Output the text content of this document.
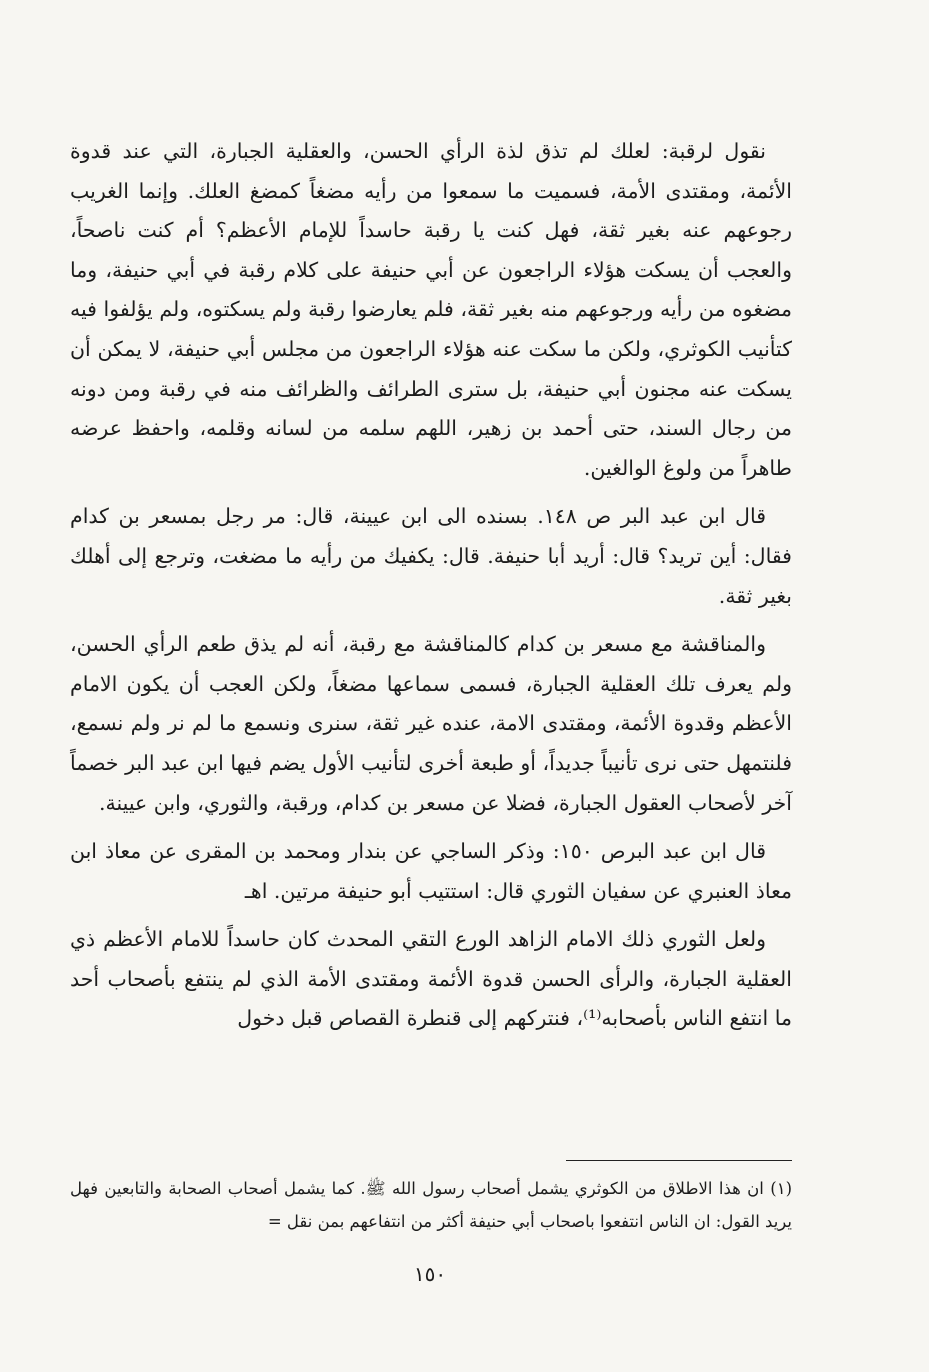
نقول لرقبة: لعلك لم تذق لذة الرأي الحسن، والعقلية الجبارة، التي عند قدوة الأئمة، ومقتدى الأمة، فسميت ما سمعوا من رأيه مضغاً كمضغ العلك. وإنما الغريب رجوعهم عنه بغير ثقة، فهل كنت يا رقبة حاسداً للإمام الأعظم؟ أم كنت ناصحاً، والعجب أن يسكت هؤلاء الراجعون عن أبي حنيفة على كلام رقبة في أبي حنيفة، وما مضغوه من رأيه ورجوعهم منه بغير ثقة، فلم يعارضوا رقبة ولم يسكتوه، ولم يؤلفوا فيه كتأنيب الكوثري، ولكن ما سكت عنه هؤلاء الراجعون من مجلس أبي حنيفة، لا يمكن أن يسكت عنه مجنون أبي حنيفة، بل سترى الطرائف والظرائف منه في رقبة ومن دونه من رجال السند، حتى أحمد بن زهير، اللهم سلمه من لسانه وقلمه، واحفظ عرضه طاهراً من ولوغ الوالغين.

قال ابن عبد البر ص ١٤٨. بسنده الى ابن عيينة، قال: مر رجل بمسعر بن كدام فقال: أين تريد؟ قال: أريد أبا حنيفة. قال: يكفيك من رأيه ما مضغت، وترجع إلى أهلك بغير ثقة.

والمناقشة مع مسعر بن كدام كالمناقشة مع رقبة، أنه لم يذق طعم الرأي الحسن، ولم يعرف تلك العقلية الجبارة، فسمى سماعها مضغاً، ولكن العجب أن يكون الامام الأعظم وقدوة الأئمة، ومقتدى الامة، عنده غير ثقة، سنرى ونسمع ما لم نر ولم نسمع، فلنتمهل حتى نرى تأنيباً جديداً، أو طبعة أخرى لتأنيب الأول يضم فيها ابن عبد البر خصماً آخر لأصحاب العقول الجبارة، فضلا عن مسعر بن كدام، ورقبة، والثوري، وابن عيينة.

قال ابن عبد البرص ١٥٠: وذكر الساجي عن بندار ومحمد بن المقرى عن معاذ ابن معاذ العنبري عن سفيان الثوري قال: استتيب أبو حنيفة مرتين. اهـ

ولعل الثوري ذلك الامام الزاهد الورع التقي المحدث كان حاسداً للامام الأعظم ذي العقلية الجبارة، والرأى الحسن قدوة الأئمة ومقتدى الأمة الذي لم ينتفع بأصحاب أحد ما انتفع الناس بأصحابه⁽¹⁾، فنتركهم إلى قنطرة القصاص قبل دخول

(١) ان هذا الاطلاق من الكوثري يشمل أصحاب رسول الله ﷺ. كما يشمل أصحاب الصحابة والتابعين فهل يريد القول: ان الناس انتفعوا باصحاب أبي حنيفة أكثر من انتفاعهم بمن نقل =

١٥٠
